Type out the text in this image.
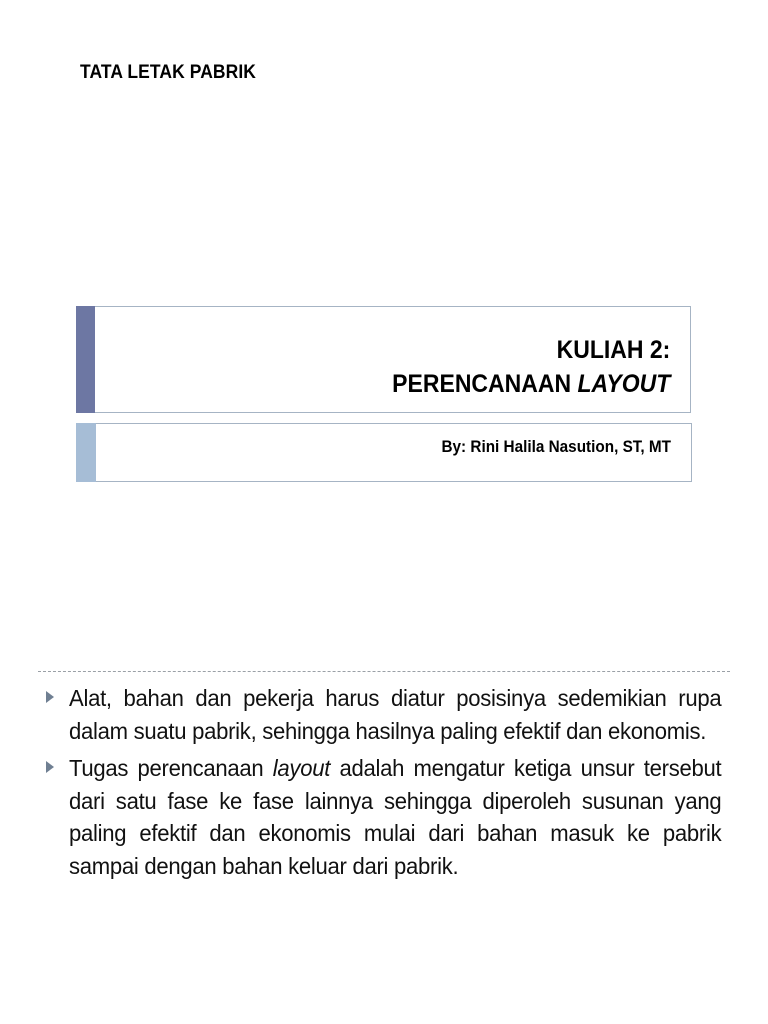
TATA LETAK PABRIK
KULIAH 2:
PERENCANAAN LAYOUT
By: Rini Halila Nasution, ST, MT
Alat, bahan dan pekerja harus diatur posisinya sedemikian rupa dalam suatu pabrik, sehingga hasilnya paling efektif dan ekonomis.
Tugas perencanaan layout adalah mengatur ketiga unsur tersebut dari satu fase ke fase lainnya sehingga diperoleh susunan yang paling efektif dan ekonomis mulai dari bahan masuk ke pabrik sampai dengan bahan keluar dari pabrik.
